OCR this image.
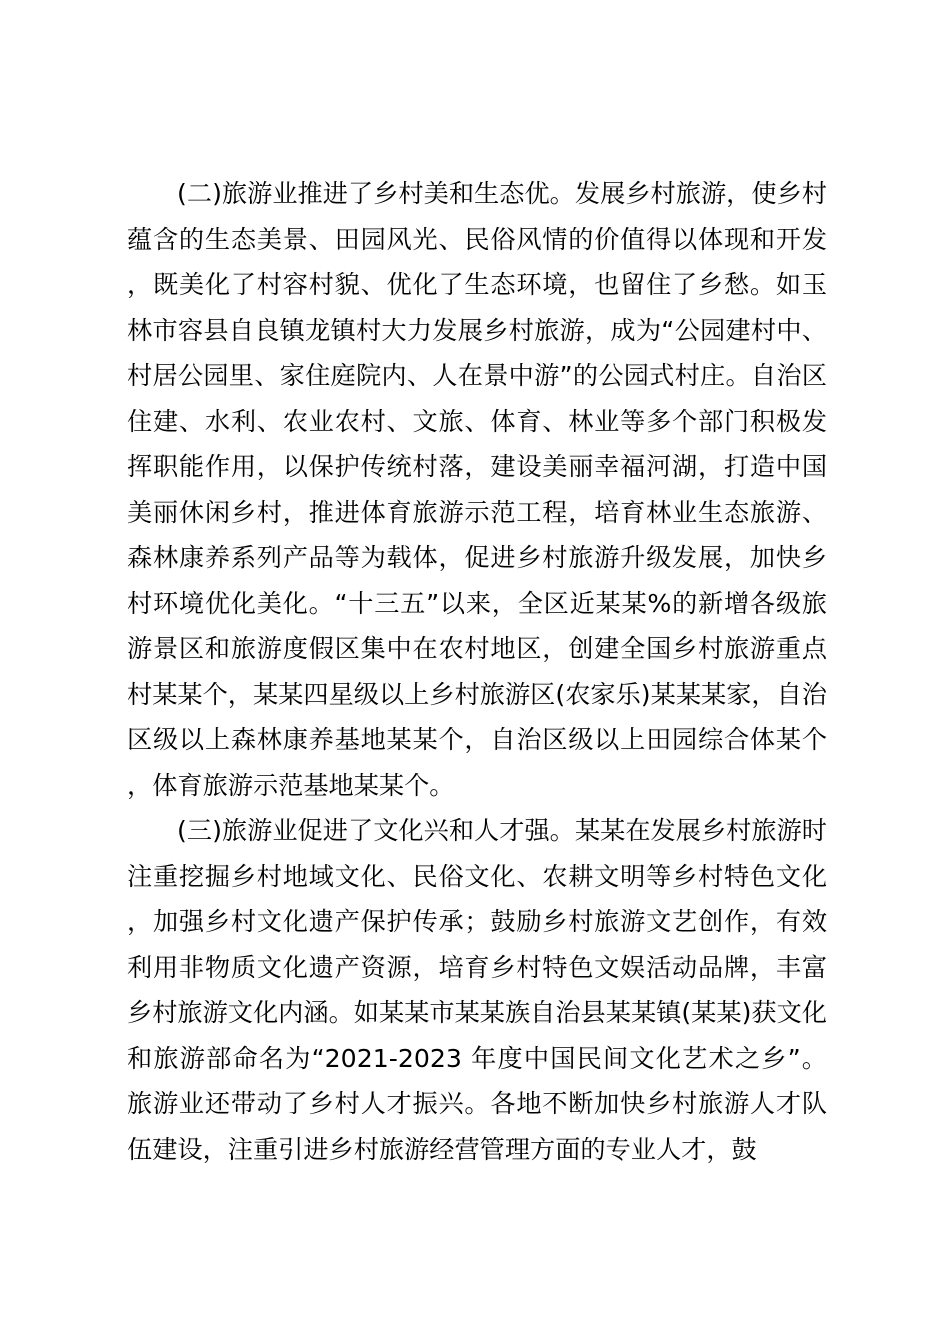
(二)旅游业推进了乡村美和生态优。发展乡村旅游，使乡村蕴含的生态美景、田园风光、民俗风情的价值得以体现和开发，既美化了村容村貌、优化了生态环境，也留住了乡愁。如玉林市容县自良镇龙镇村大力发展乡村旅游，成为“公园建村中、村居公园里、家住庭院内、人在景中游”的公园式村庄。自治区住建、水利、农业农村、文旅、体育、林业等多个部门积极发挥职能作用，以保护传统村落，建设美丽幸福河湖，打造中国美丽休闲乡村，推进体育旅游示范工程，培育林业生态旅游、森林康养系列产品等为载体，促进乡村旅游升级发展，加快乡村环境优化美化。“十三五”以来，全区近某某%的新增各级旅游景区和旅游度假区集中在农村地区，创建全国乡村旅游重点村某某个，某某四星级以上乡村旅游区(农家乐)某某某家，自治区级以上森林康养基地某某个，自治区级以上田园综合体某个，体育旅游示范基地某某个。

(三)旅游业促进了文化兴和人才强。某某在发展乡村旅游时注重挖掘乡村地域文化、民俗文化、农耕文明等乡村特色文化，加强乡村文化遗产保护传承；鼓励乡村旅游文艺创作，有效利用非物质文化遗产资源，培育乡村特色文娱活动品牌，丰富乡村旅游文化内涵。如某某市某某族自治县某某镇(某某)获文化和旅游部命名为“2021-2023 年度中国民间文化艺术之乡”。旅游业还带动了乡村人才振兴。各地不断加快乡村旅游人才队伍建设，注重引进乡村旅游经营管理方面的专业人才，鼓
